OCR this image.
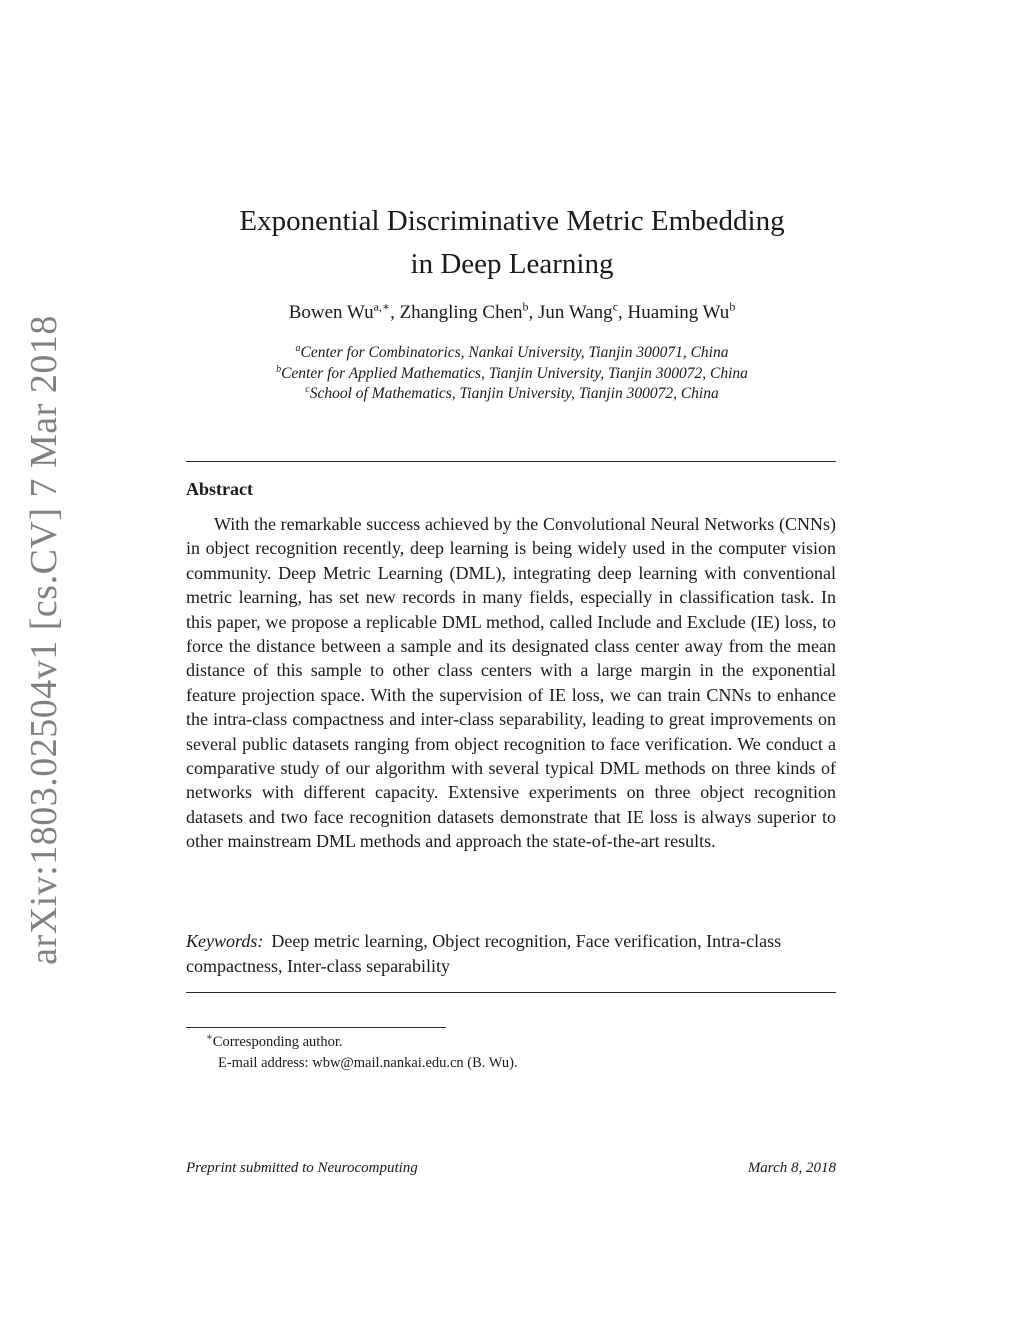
arXiv:1803.02504v1 [cs.CV] 7 Mar 2018
Exponential Discriminative Metric Embedding
in Deep Learning
Bowen $Wu^{a,∗}$, Zhangling Chen$^b$, Jun Wang$^c$, Huaming Wu$^b$
$^a$Center for Combinatorics, Nankai University, Tianjin 300071, China
$^b$Center for Applied Mathematics, Tianjin University, Tianjin 300072, China
$^c$School of Mathematics, Tianjin University, Tianjin 300072, China
Abstract

With the remarkable success achieved by the Convolutional Neural Networks (CNNs) in object recognition recently, deep learning is being widely used in the computer vision community. Deep Metric Learning (DML), integrating deep learning with conventional metric learning, has set new records in many fields, especially in classification task. In this paper, we propose a replicable DML method, called Include and Exclude (IE) loss, to force the distance between a sample and its designated class center away from the mean distance of this sample to other class centers with a large margin in the exponential feature projection space. With the supervision of IE loss, we can train CNNs to enhance the intra-class compactness and inter-class separability, leading to great improvements on several public datasets ranging from object recognition to face verification. We conduct a comparative study of our algorithm with several typical DML methods on three kinds of networks with different capacity. Extensive experiments on three object recognition datasets and two face recognition datasets demonstrate that IE loss is always superior to other mainstream DML methods and approach the state-of-the-art results.

Keywords: Deep metric learning, Object recognition, Face verification, Intra-class compactness, Inter-class separability
∗Corresponding author.
E-mail address: wbw@mail.nankai.edu.cn (B. Wu).
Preprint submitted to Neurocomputing	March 8, 2018
